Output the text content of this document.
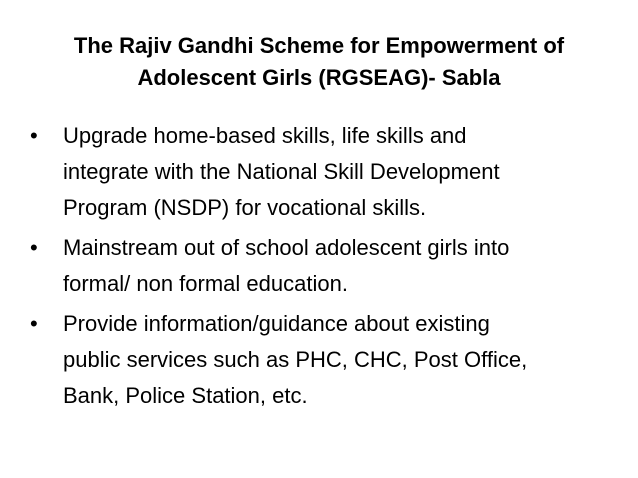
The Rajiv Gandhi Scheme for Empowerment of
Adolescent Girls (RGSEAG)- Sabla
• Upgrade home-based skills, life skills and
integrate with the National Skill Development
Program (NSDP) for vocational skills.
• Mainstream out of school adolescent girls into
formal/ non formal education.
• Provide information/guidance about existing
public services such as PHC, CHC, Post Office,
Bank, Police Station, etc.
